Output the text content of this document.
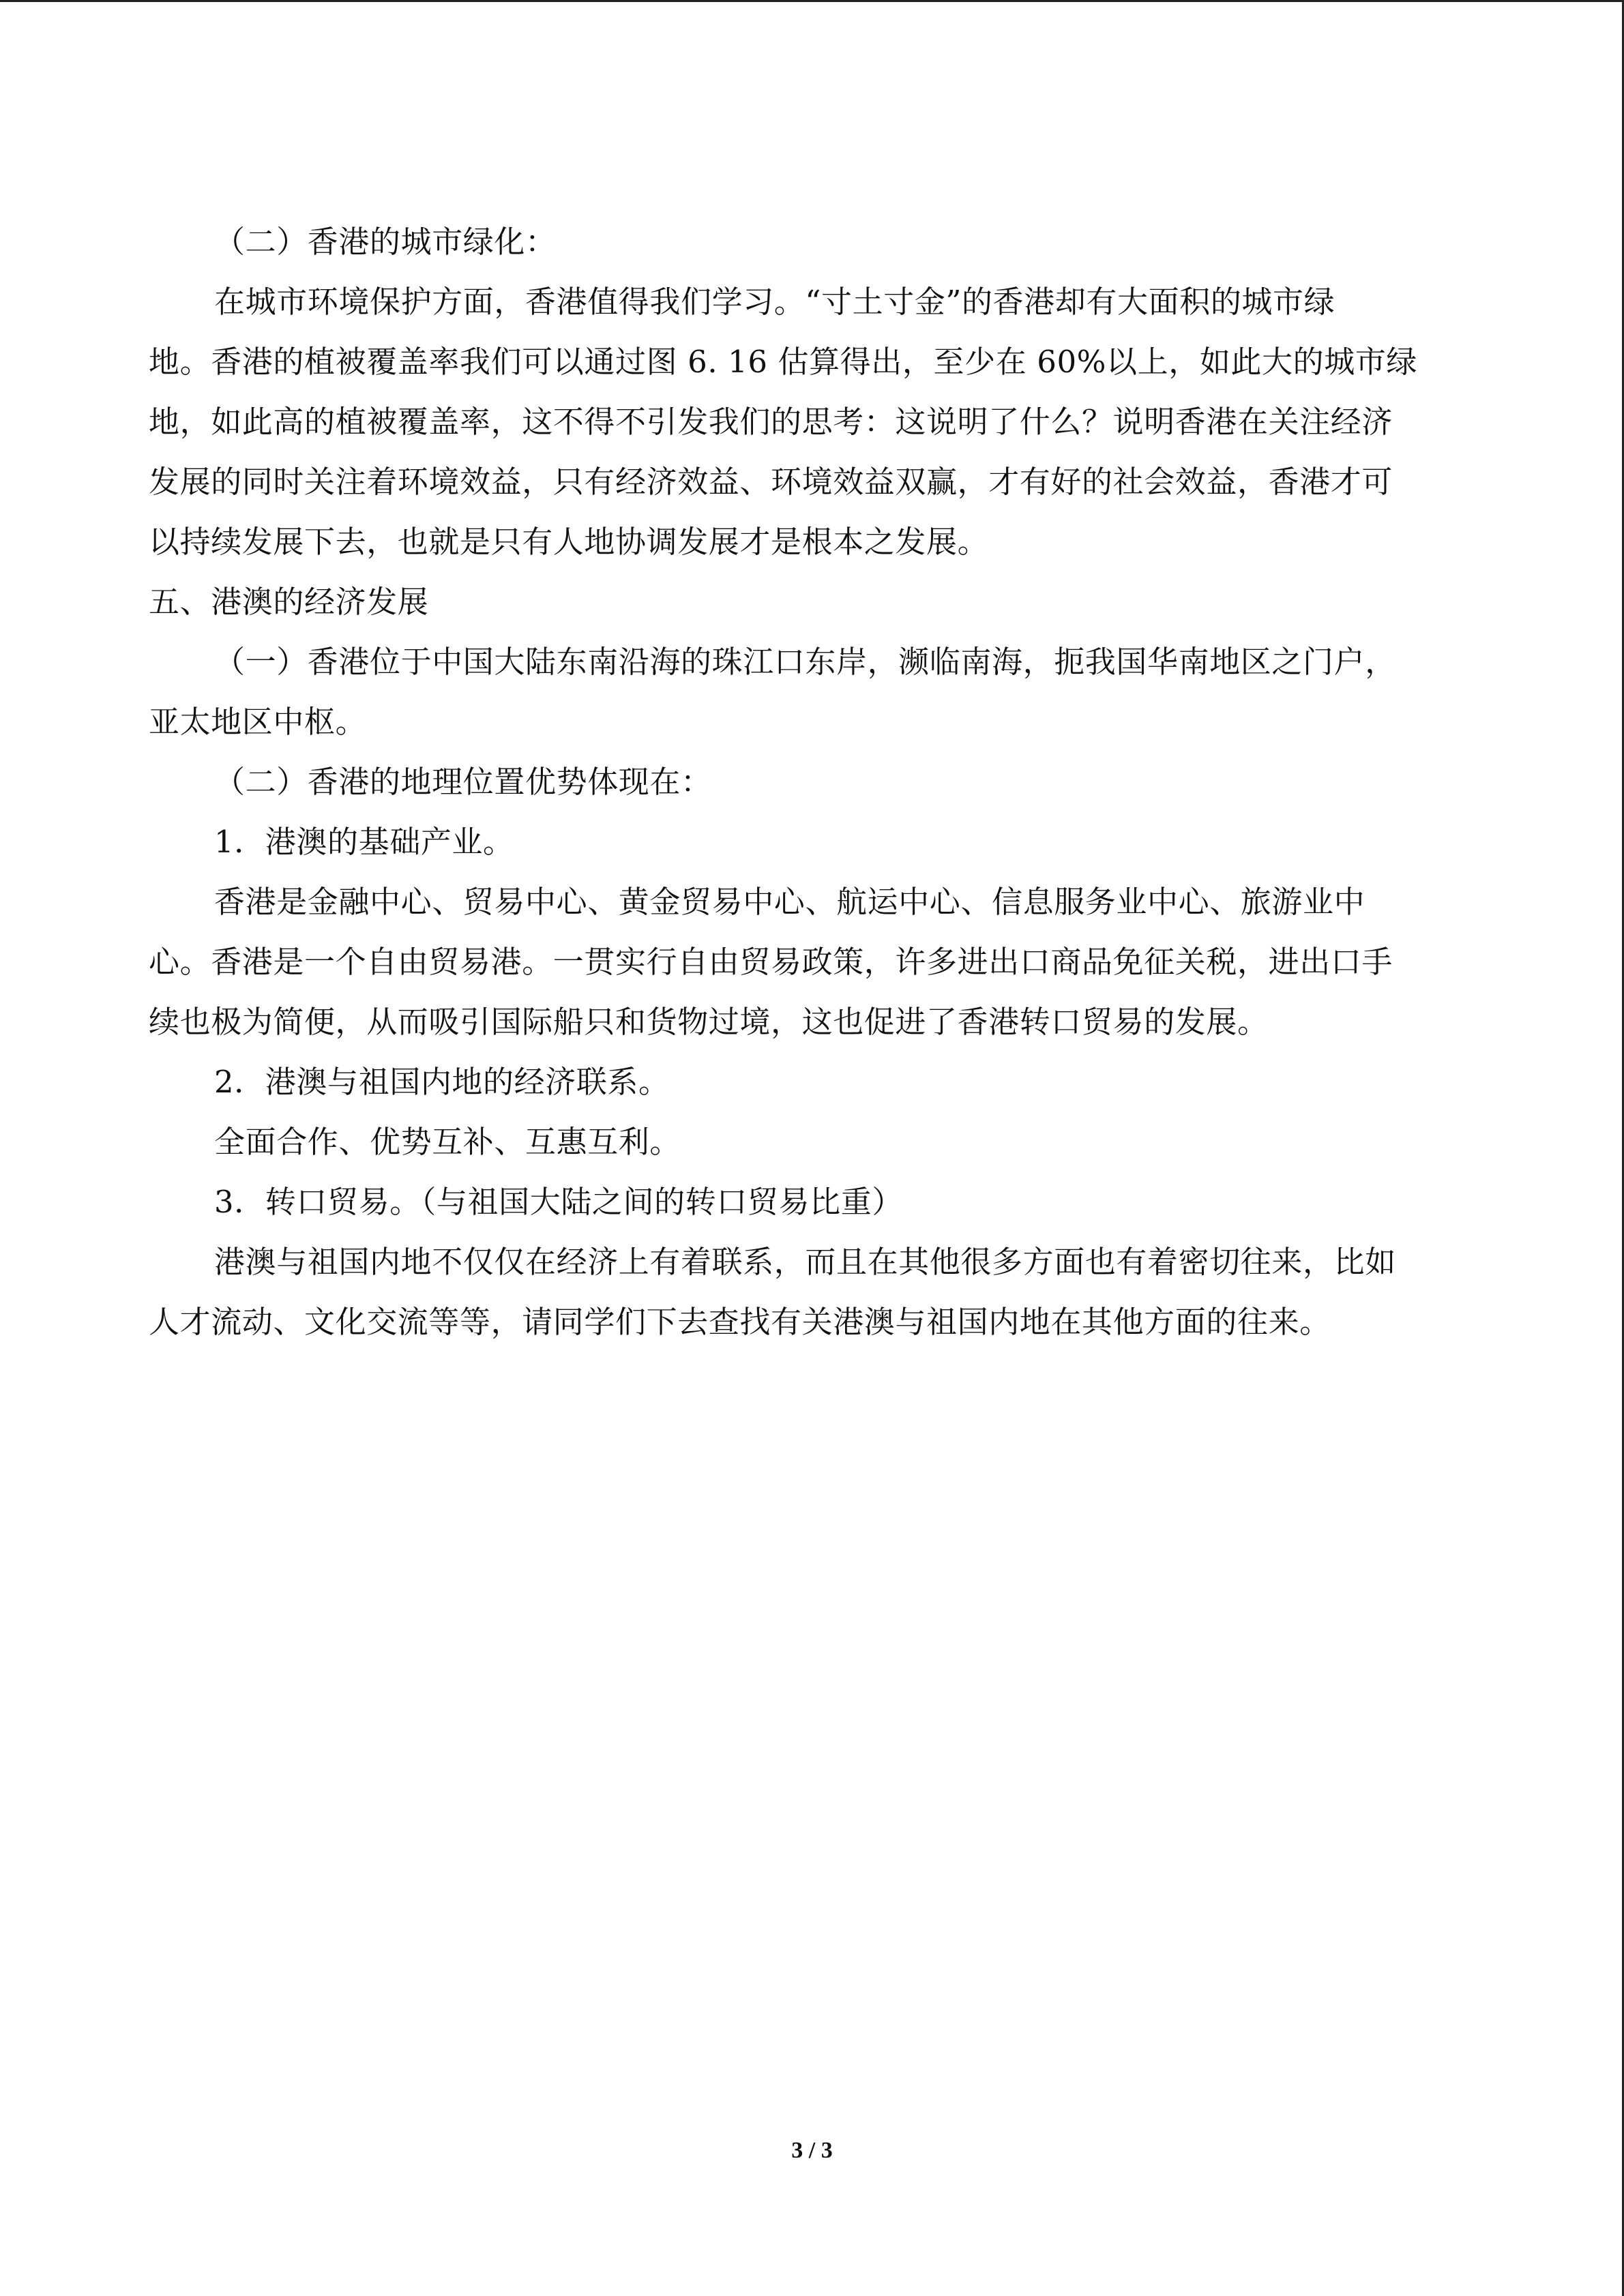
（二）香港的城市绿化：
在城市环境保护方面，香港值得我们学习。“寸土寸金”的香港却有大面积的城市绿
地。香港的植被覆盖率我们可以通过图 6. 16 估算得出，至少在 60%以上，如此大的城市绿
地，如此高的植被覆盖率，这不得不引发我们的思考：这说明了什么？说明香港在关注经济
发展的同时关注着环境效益，只有经济效益、环境效益双赢，才有好的社会效益，香港才可
以持续发展下去，也就是只有人地协调发展才是根本之发展。
五、港澳的经济发展
（一）香港位于中国大陆东南沿海的珠江口东岸，濒临南海，扼我国华南地区之门户，
亚太地区中枢。
（二）香港的地理位置优势体现在：
1．港澳的基础产业。
香港是金融中心、贸易中心、黄金贸易中心、航运中心、信息服务业中心、旅游业中
心。香港是一个自由贸易港。一贯实行自由贸易政策，许多进出口商品免征关税，进出口手
续也极为简便，从而吸引国际船只和货物过境，这也促进了香港转口贸易的发展。
2．港澳与祖国内地的经济联系。
全面合作、优势互补、互惠互利。
3．转口贸易。（与祖国大陆之间的转口贸易比重）
港澳与祖国内地不仅仅在经济上有着联系，而且在其他很多方面也有着密切往来，比如
人才流动、文化交流等等，请同学们下去查找有关港澳与祖国内地在其他方面的往来。
3 / 3
